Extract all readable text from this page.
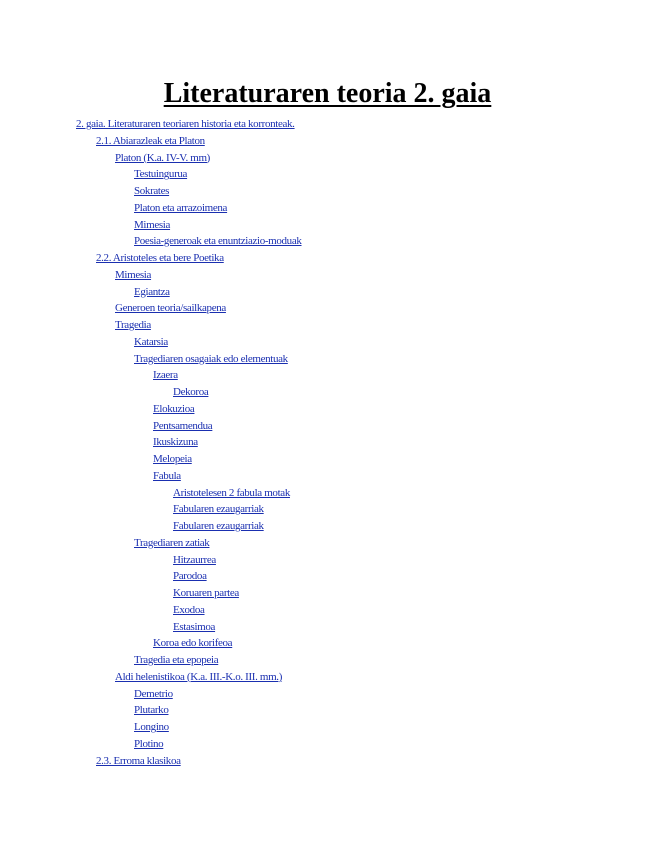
Literaturaren teoria 2. gaia
2. gaia. Literaturaren teoriaren historia eta korronteak.
2.1. Abiarazleak eta Platon
Platon (K.a. IV-V. mm)
Testuingurua
Sokrates
Platon eta arrazoimena
Mimesia
Poesia-generoak eta enuntziazio-moduak
2.2. Aristoteles eta bere Poetika
Mimesia
Egiantza
Generoen teoria/sailkapena
Tragedia
Katarsia
Tragediaren osagaiak edo elementuak
Izaera
Dekoroa
Elokuzioa
Pentsamendua
Ikuskizuna
Melopeia
Fabula
Aristotelesen 2 fabula motak
Fabularen ezaugarriak
Fabularen ezaugarriak
Tragediaren zatiak
Hitzaurrea
Parodoa
Koruaren partea
Exodoa
Estasimoa
Koroa edo korifeoa
Tragedia eta epopeia
Aldi helenistikoa (K.a. III.-K.o. III. mm.)
Demetrio
Plutarko
Longino
Plotino
2.3. Erroma klasikoa
